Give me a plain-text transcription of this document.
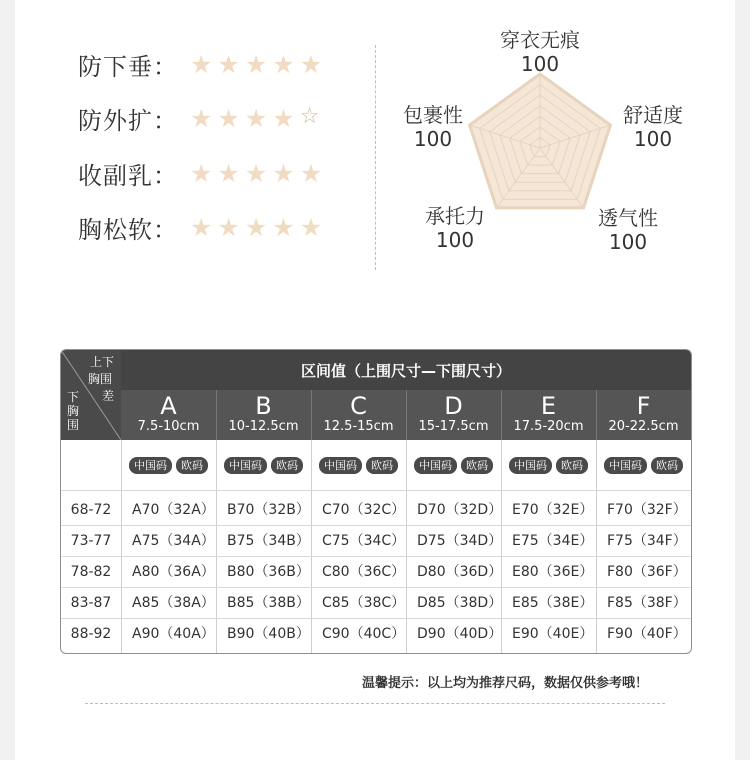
防下垂： ★ ★ ★ ★ ★
防外扩： ★ ★ ★ ★ ☆
收副乳： ★ ★ ★ ★ ★
胸松软： ★ ★ ★ ★ ★
穿衣无痕
100
舒适度
100
透气性
100
承托力
100
包裹性
100
上下
胸围
差
下胸围
区间值（上围尺寸—下围尺寸）
A
7.5-10cm
B
10-12.5cm
C
12.5-15cm
D
15-17.5cm
E
17.5-20cm
F
20-22.5cm
中国码	欧码	中国码	欧码	中国码	欧码	中国码	欧码	中国码	欧码	中国码	欧码
68-72	A70（32A） B70（32B） C70（32C） D70（32D） E70（32E） F70（32F）
73-77	A75（34A） B75（34B） C75（34C） D75（34D） E75（34E） F75（34F）
78-82	A80（36A） B80（36B） C80（36C） D80（36D） E80（36E） F80（36F）
83-87	A85（38A） B85（38B） C85（38C） D85（38D） E85（38E） F85（38F）
88-92	A90（40A） B90（40B） C90（40C） D90（40D） E90（40E） F90（40F）
温馨提示：以上均为推荐尺码，数据仅供参考哦！
